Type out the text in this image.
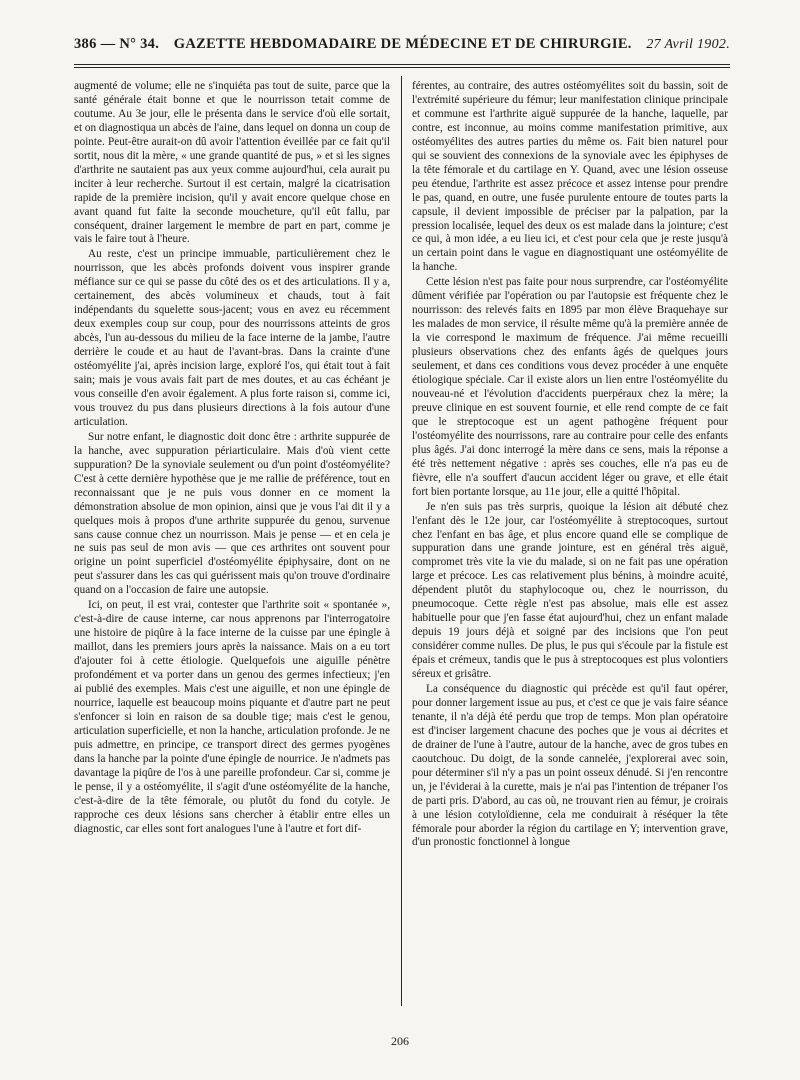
386 — N° 34. GAZETTE HEBDOMADAIRE DE MÉDECINE ET DE CHIRURGIE. 27 Avril 1902.

augmenté de volume; elle ne s'inquiéta pas tout de suite, parce que la santé générale était bonne et que le nourrisson tetait comme de coutume. Au 3e jour, elle le présenta dans le service d'où elle sortait, et on diagnostiqua un abcès de l'aine, dans lequel on donna un coup de pointe. Peut-être aurait-on dû avoir l'attention éveillée par ce fait qu'il sortit, nous dit la mère, « une grande quantité de pus, » et si les signes d'arthrite ne sautaient pas aux yeux comme aujourd'hui, cela aurait pu inciter à leur recherche. Surtout il est certain, malgré la cicatrisation rapide de la première incision, qu'il y avait encore quelque chose en avant quand fut faite la seconde moucheture, qu'il eût fallu, par conséquent, drainer largement le membre de part en part, comme je vais le faire tout à l'heure.

Au reste, c'est un principe immuable, particulièrement chez le nourrisson, que les abcès profonds doivent vous inspirer grande méfiance sur ce qui se passe du côté des os et des articulations. Il y a, certainement, des abcès volumineux et chauds, tout à fait indépendants du squelette sous-jacent; vous en avez eu récemment deux exemples coup sur coup, pour des nourrissons atteints de gros abcès, l'un au-dessous du milieu de la face interne de la jambe, l'autre derrière le coude et au haut de l'avant-bras. Dans la crainte d'une ostéomyélite j'ai, après incision large, exploré l'os, qui était tout à fait sain; mais je vous avais fait part de mes doutes, et au cas échéant je vous conseille d'en avoir également. A plus forte raison si, comme ici, vous trouvez du pus dans plusieurs directions à la fois autour d'une articulation.

Sur notre enfant, le diagnostic doit donc être : arthrite suppurée de la hanche, avec suppuration périarticulaire. Mais d'où vient cette suppuration? De la synoviale seulement ou d'un point d'ostéomyélite? C'est à cette dernière hypothèse que je me rallie de préférence, tout en reconnaissant que je ne puis vous donner en ce moment la démonstration absolue de mon opinion, ainsi que je vous l'ai dit il y a quelques mois à propos d'une arthrite suppurée du genou, survenue sans cause connue chez un nourrisson. Mais je pense — et en cela je ne suis pas seul de mon avis — que ces arthrites ont souvent pour origine un point superficiel d'ostéomyélite épiphysaire, dont on ne peut s'assurer dans les cas qui guérissent mais qu'on trouve d'ordinaire quand on a l'occasion de faire une autopsie.

Ici, on peut, il est vrai, contester que l'arthrite soit « spontanée », c'est-à-dire de cause interne, car nous apprenons par l'interrogatoire une histoire de piqûre à la face interne de la cuisse par une épingle à maillot, dans les premiers jours après la naissance. Mais on a eu tort d'ajouter foi à cette étiologie. Quelquefois une aiguille pénètre profondément et va porter dans un genou des germes infectieux; j'en ai publié des exemples. Mais c'est une aiguille, et non une épingle de nourrice, laquelle est beaucoup moins piquante et d'autre part ne peut s'enfoncer si loin en raison de sa double tige; mais c'est le genou, articulation superficielle, et non la hanche, articulation profonde. Je ne puis admettre, en principe, ce transport direct des germes pyogènes dans la hanche par la pointe d'une épingle de nourrice. Je n'admets pas davantage la piqûre de l'os à une pareille profondeur. Car si, comme je le pense, il y a ostéomyélite, il s'agit d'une ostéomyélite de la hanche, c'est-à-dire de la tête fémorale, ou plutôt du fond du cotyle. Je rapproche ces deux lésions sans chercher à établir entre elles un diagnostic, car elles sont fort analogues l'une à l'autre et fort dif-

férentes, au contraire, des autres ostéomyélites soit du bassin, soit de l'extrémité supérieure du fémur; leur manifestation clinique principale et commune est l'arthrite aiguë suppurée de la hanche, laquelle, par contre, est inconnue, au moins comme manifestation primitive, aux ostéomyélites des autres parties du même os. Fait bien naturel pour qui se souvient des connexions de la synoviale avec les épiphyses de la tête fémorale et du cartilage en Y. Quand, avec une lésion osseuse peu étendue, l'arthrite est assez précoce et assez intense pour prendre le pas, quand, en outre, une fusée purulente entoure de toutes parts la capsule, il devient impossible de préciser par la palpation, par la pression localisée, lequel des deux os est malade dans la jointure; c'est ce qui, à mon idée, a eu lieu ici, et c'est pour cela que je reste jusqu'à un certain point dans le vague en diagnostiquant une ostéomyélite de la hanche.

Cette lésion n'est pas faite pour nous surprendre, car l'ostéomyélite dûment vérifiée par l'opération ou par l'autopsie est fréquente chez le nourrisson: des relevés faits en 1895 par mon élève Braquehaye sur les malades de mon service, il résulte même qu'à la première année de la vie correspond le maximum de fréquence. J'ai même recueilli plusieurs observations chez des enfants âgés de quelques jours seulement, et dans ces conditions vous devez procéder à une enquête étiologique spéciale. Car il existe alors un lien entre l'ostéomyélite du nouveau-né et l'évolution d'accidents puerpéraux chez la mère; la preuve clinique en est souvent fournie, et elle rend compte de ce fait que le streptocoque est un agent pathogène fréquent pour l'ostéomyélite des nourrissons, rare au contraire pour celle des enfants plus âgés. J'ai donc interrogé la mère dans ce sens, mais la réponse a été très nettement négative : après ses couches, elle n'a pas eu de fièvre, elle n'a souffert d'aucun accident léger ou grave, et elle était fort bien portante lorsque, au 11e jour, elle a quitté l'hôpital.

Je n'en suis pas très surpris, quoique la lésion ait débuté chez l'enfant dès le 12e jour, car l'ostéomyélite à streptocoques, surtout chez l'enfant en bas âge, et plus encore quand elle se complique de suppuration dans une grande jointure, est en général très aiguë, compromet très vite la vie du malade, si on ne fait pas une opération large et précoce. Les cas relativement plus bénins, à moindre acuité, dépendent plutôt du staphylocoque ou, chez le nourrisson, du pneumocoque. Cette règle n'est pas absolue, mais elle est assez habituelle pour que j'en fasse état aujourd'hui, chez un enfant malade depuis 19 jours déjà et soigné par des incisions que l'on peut considérer comme nulles. De plus, le pus qui s'écoule par la fistule est épais et crémeux, tandis que le pus à streptocoques est plus volontiers séreux et grisâtre.

La conséquence du diagnostic qui précède est qu'il faut opérer, pour donner largement issue au pus, et c'est ce que je vais faire séance tenante, il n'a déjà été perdu que trop de temps. Mon plan opératoire est d'inciser largement chacune des poches que je vous ai décrites et de drainer de l'une à l'autre, autour de la hanche, avec de gros tubes en caoutchouc. Du doigt, de la sonde cannelée, j'explorerai avec soin, pour déterminer s'il n'y a pas un point osseux dénudé. Si j'en rencontre un, je l'éviderai à la curette, mais je n'ai pas l'intention de trépaner l'os de parti pris. D'abord, au cas où, ne trouvant rien au fémur, je croirais à une lésion cotyloïdienne, cela me conduirait à réséquer la tête fémorale pour aborder la région du cartilage en Y; intervention grave, d'un pronostic fonctionnel à longue

206
